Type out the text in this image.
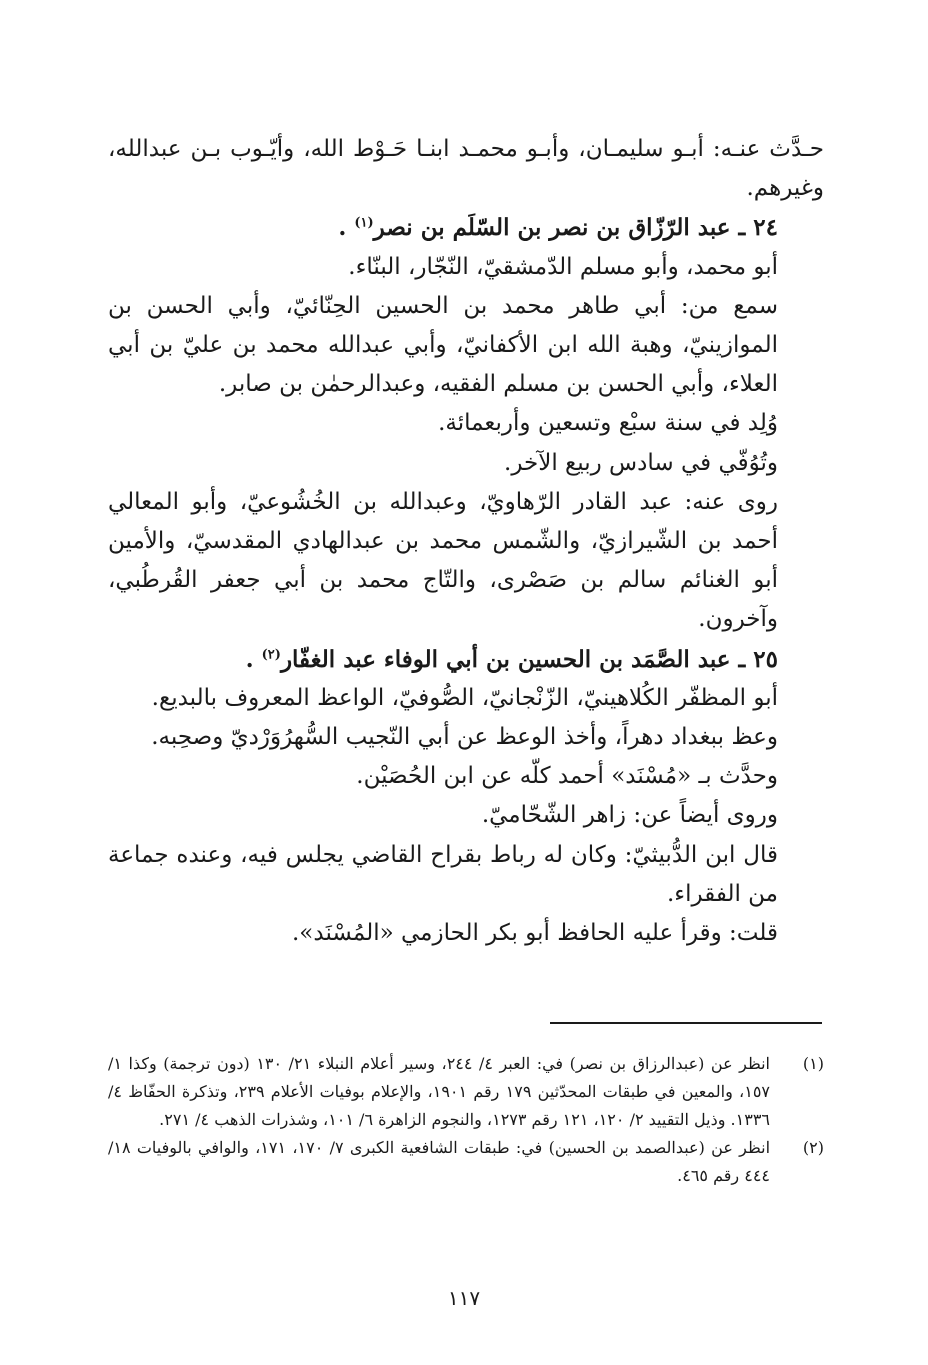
حـدَّث عنـه: أبـو سليمـان، وأبـو محمـد ابنـا حَـوْط الله، وأيّـوب بـن عبدالله، وغيرهم.

٢٤ ـ عبد الرّزّاق بن نصر بن السّلَم بن نصر$^{(١)}$ .

أبو محمد، وأبو مسلم الدّمشقيّ، النّجّار، البنّاء.

سمع من: أبي طاهر محمد بن الحسين الحِنّائيّ، وأبي الحسن بن الموازينيّ، وهبة الله ابن الأكفانيّ، وأبي عبدالله محمد بن عليّ بن أبي العلاء، وأبي الحسن بن مسلم الفقيه، وعبدالرحمٰن بن صابر.

وُلِد في سنة سبْع وتسعين وأربعمائة.

وتُوُفّي في سادس ربيع الآخر.

روى عنه: عبد القادر الرّهاويّ، وعبدالله بن الخُشُوعيّ، وأبو المعالي أحمد بن الشّيرازيّ، والشّمس محمد بن عبدالهادي المقدسيّ، والأمين أبو الغنائم سالم بن صَصْرى، والتّاج محمد بن أبي جعفر القُرطُبي، وآخرون.

٢٥ ـ عبد الصَّمَد بن الحسين بن أبي الوفاء عبد الغفّار$^{(٢)}$ .

أبو المظفّر الكُلاهينيّ، الزّنْجانيّ، الصُّوفيّ، الواعظ المعروف بالبديع.

وعظ ببغداد دهراً، وأخذ الوعظ عن أبي النّجيب السُّهرُوَرْديّ وصحِبه.

وحدَّث بـ «مُسْنَد» أحمد كلّه عن ابن الحُصَيْن.

وروى أيضاً عن: زاهر الشّحّاميّ.

قال ابن الدُّبيثيّ: وكان له رباط بقراح القاضي يجلس فيه، وعنده جماعة من الفقراء.

قلت: وقرأ عليه الحافظ أبو بكر الحازمي «المُسْنَد».

(١)
انظر عن (عبدالرزاق بن نصر) في: العبر ٤/ ٢٤٤، وسير أعلام النبلاء ٢١/ ١٣٠ (دون ترجمة) وكذا ١/ ١٥٧، والمعين في طبقات المحدّثين ١٧٩ رقم ١٩٠١، والإعلام بوفيات الأعلام ٢٣٩، وتذكرة الحفّاظ ٤/ ١٣٣٦. وذيل التقييد ٢/ ١٢٠، ١٢١ رقم ١٢٧٣، والنجوم الزاهرة ٦/ ١٠١، وشذرات الذهب ٤/ ٢٧١.
(٢)
انظر عن (عبدالصمد بن الحسين) في: طبقات الشافعية الكبرى ٧/ ١٧٠، ١٧١، والوافي بالوفيات ١٨/ ٤٤٤ رقم ٤٦٥.
١١٧
